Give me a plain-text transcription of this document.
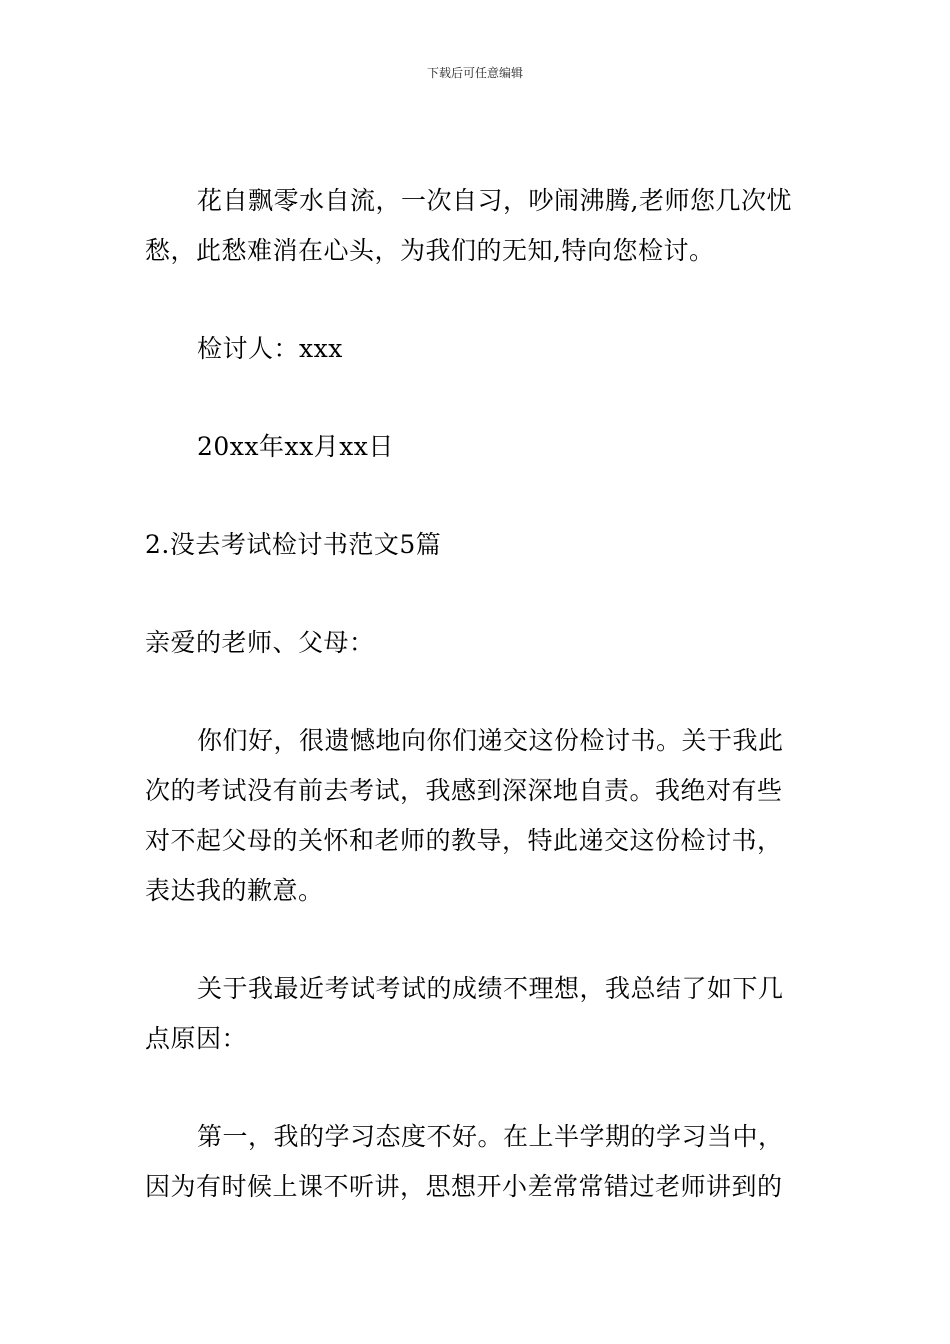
下载后可任意编辑
花自飘零水自流，一次自习，吵闹沸腾,老师您几次忧
愁，此愁难消在心头，为我们的无知,特向您检讨。
检讨人：xxx
20xx年xx月xx日
2.没去考试检讨书范文5篇
亲爱的老师、父母：
你们好，很遗憾地向你们递交这份检讨书。关于我此
次的考试没有前去考试，我感到深深地自责。我绝对有些
对不起父母的关怀和老师的教导，特此递交这份检讨书，
表达我的歉意。
关于我最近考试考试的成绩不理想，我总结了如下几
点原因：
第一，我的学习态度不好。在上半学期的学习当中，
因为有时候上课不听讲，思想开小差常常错过老师讲到的
